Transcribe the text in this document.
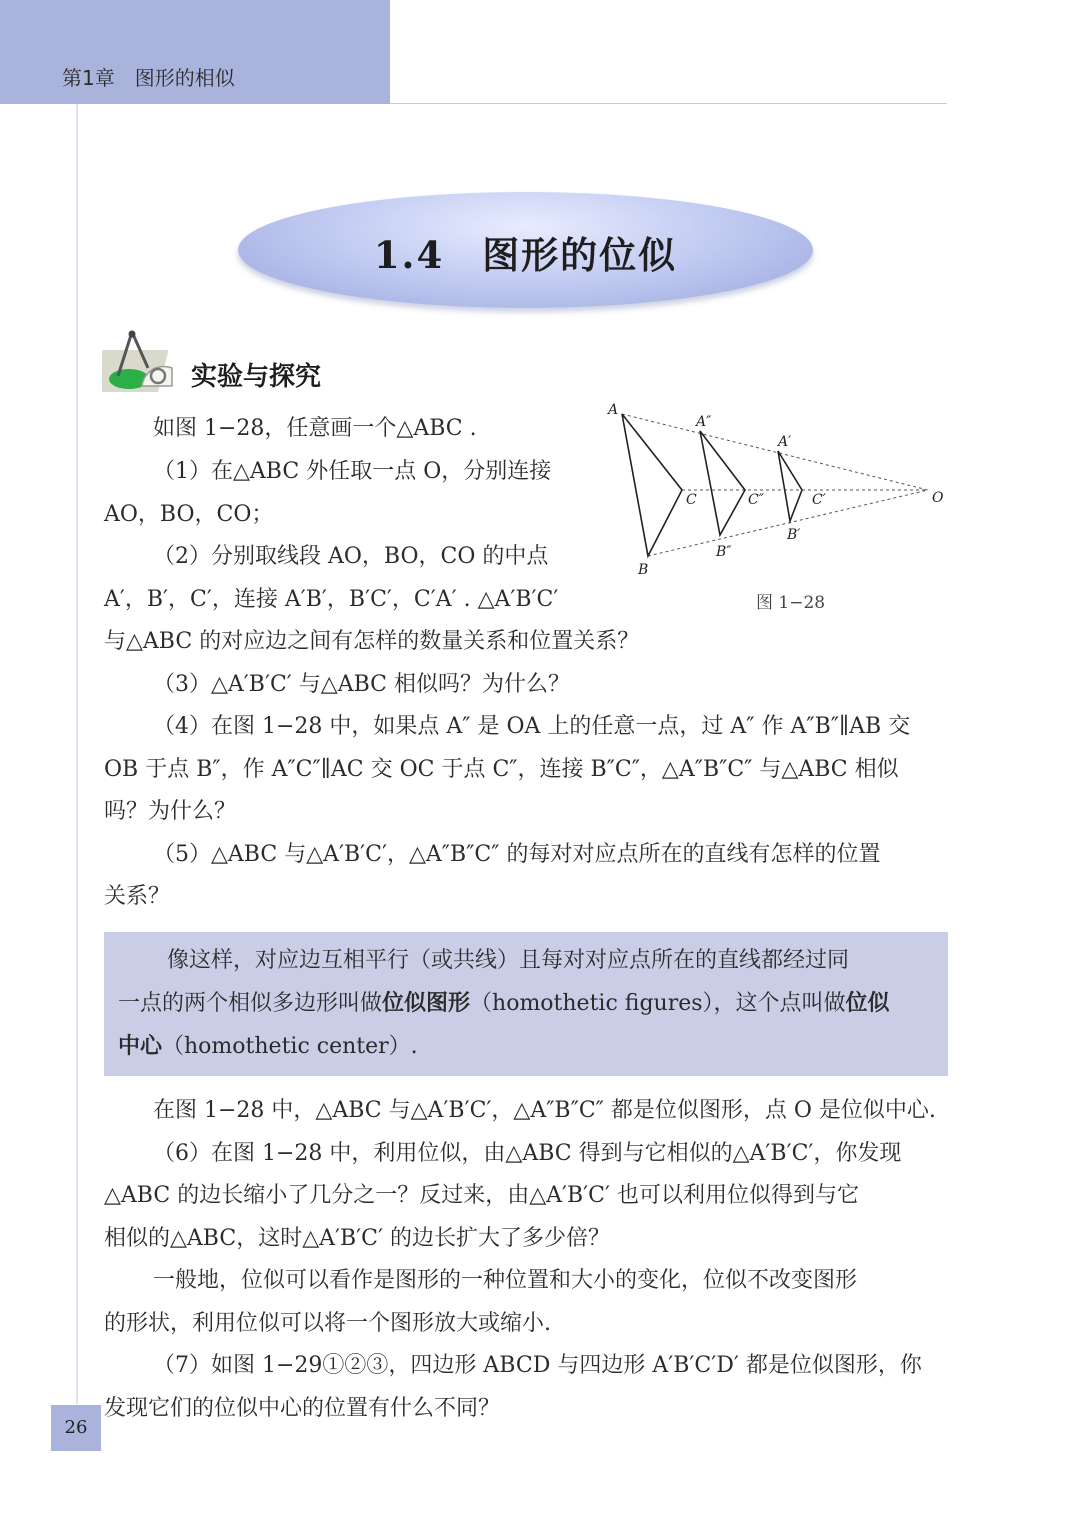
第1章　图形的相似
1.4 图形的位似
实验与探究
如图 1−28，任意画一个△ABC .
（1）在△ABC 外任取一点 O，分别连接
AO，BO，CO；
（2）分别取线段 AO，BO，CO 的中点
A′，B′，C′，连接 A′B′，B′C′，C′A′ . △A′B′C′
与△ABC 的对应边之间有怎样的数量关系和位置关系？
（3）△A′B′C′ 与△ABC 相似吗？为什么？
（4）在图 1−28 中，如果点 A″ 是 OA 上的任意一点，过 A″ 作 A″B″∥AB 交
OB 于点 B″，作 A″C″∥AC 交 OC 于点 C″，连接 B″C″，△A″B″C″ 与△ABC 相似
吗？为什么？
（5）△ABC 与△A′B′C′，△A″B″C″ 的每对对应点所在的直线有怎样的位置
关系？
A
B
C
A″
B″
C″
A′
B′
C′	O
图 1−28
像这样，对应边互相平行（或共线）且每对对应点所在的直线都经过同
一点的两个相似多边形叫做位似图形（homothetic figures），这个点叫做位似
中心（homothetic center）.
在图 1−28 中，△ABC 与△A′B′C′，△A″B″C″ 都是位似图形，点 O 是位似中心.
（6）在图 1−28 中，利用位似，由△ABC 得到与它相似的△A′B′C′，你发现
△ABC 的边长缩小了几分之一？反过来，由△A′B′C′ 也可以利用位似得到与它
相似的△ABC，这时△A′B′C′ 的边长扩大了多少倍？
一般地，位似可以看作是图形的一种位置和大小的变化，位似不改变图形
的形状，利用位似可以将一个图形放大或缩小.
（7）如图 1−29①②③，四边形 ABCD 与四边形 A′B′C′D′ 都是位似图形，你
发现它们的位似中心的位置有什么不同？
26
